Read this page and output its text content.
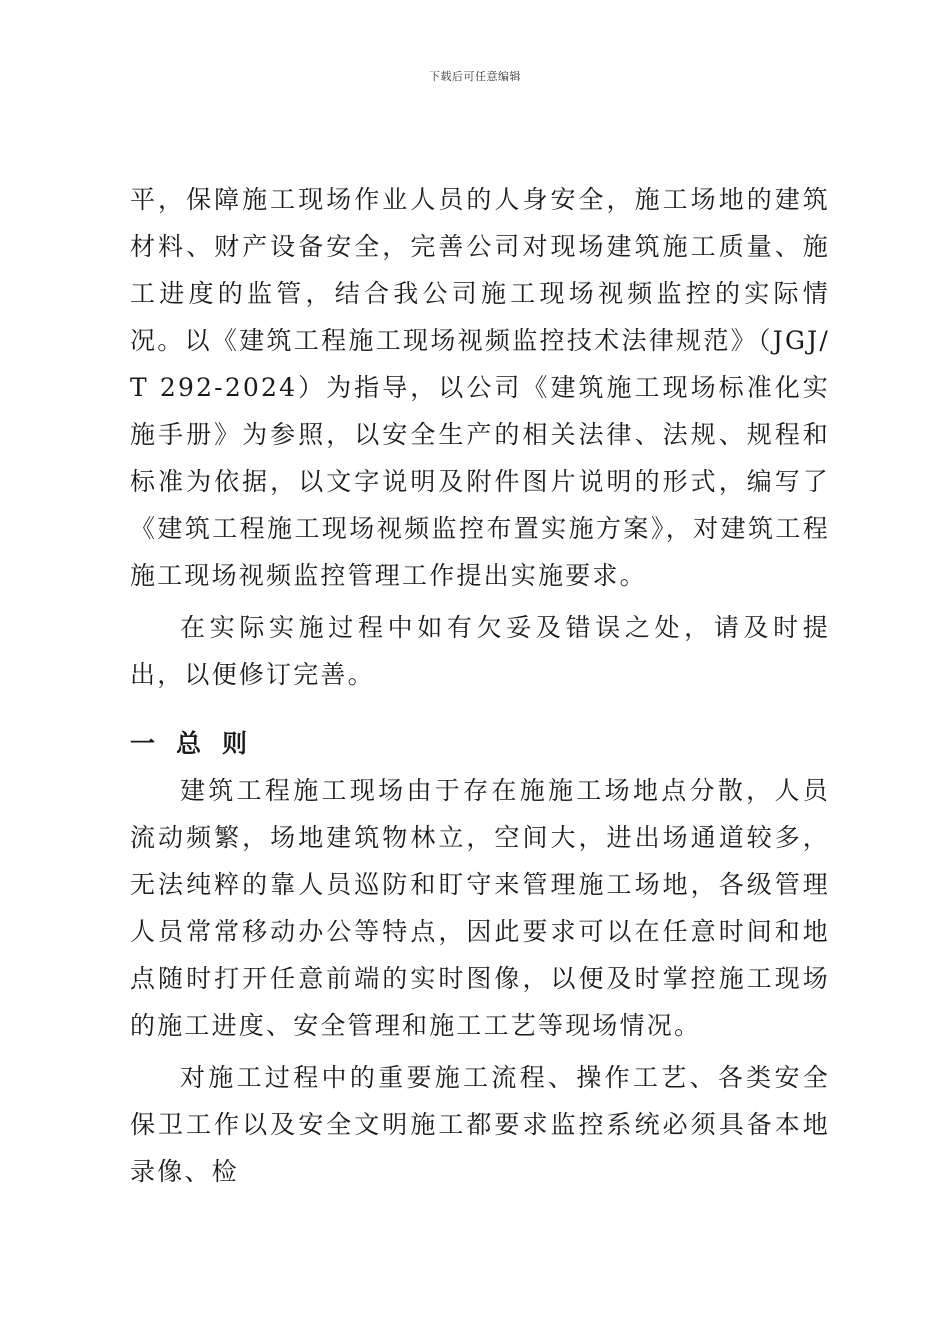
下载后可任意编辑

平，保障施工现场作业人员的人身安全，施工场地的建筑材料、财产设备安全，完善公司对现场建筑施工质量、施工进度的监管，结合我公司施工现场视频监控的实际情况。以《建筑工程施工现场视频监控技术法律规范》（JGJ/T 292-2024）为指导，以公司《建筑施工现场标准化实施手册》为参照，以安全生产的相关法律、法规、规程和标准为依据，以文字说明及附件图片说明的形式，编写了《建筑工程施工现场视频监控布置实施方案》，对建筑工程施工现场视频监控管理工作提出实施要求。

在实际实施过程中如有欠妥及错误之处，请及时提出，以便修订完善。

一 总 则

建筑工程施工现场由于存在施施工场地点分散，人员流动频繁，场地建筑物林立，空间大，进出场通道较多，无法纯粹的靠人员巡防和盯守来管理施工场地，各级管理人员常常移动办公等特点，因此要求可以在任意时间和地点随时打开任意前端的实时图像，以便及时掌控施工现场的施工进度、安全管理和施工工艺等现场情况。

对施工过程中的重要施工流程、操作工艺、各类安全保卫工作以及安全文明施工都要求监控系统必须具备本地录像、检
